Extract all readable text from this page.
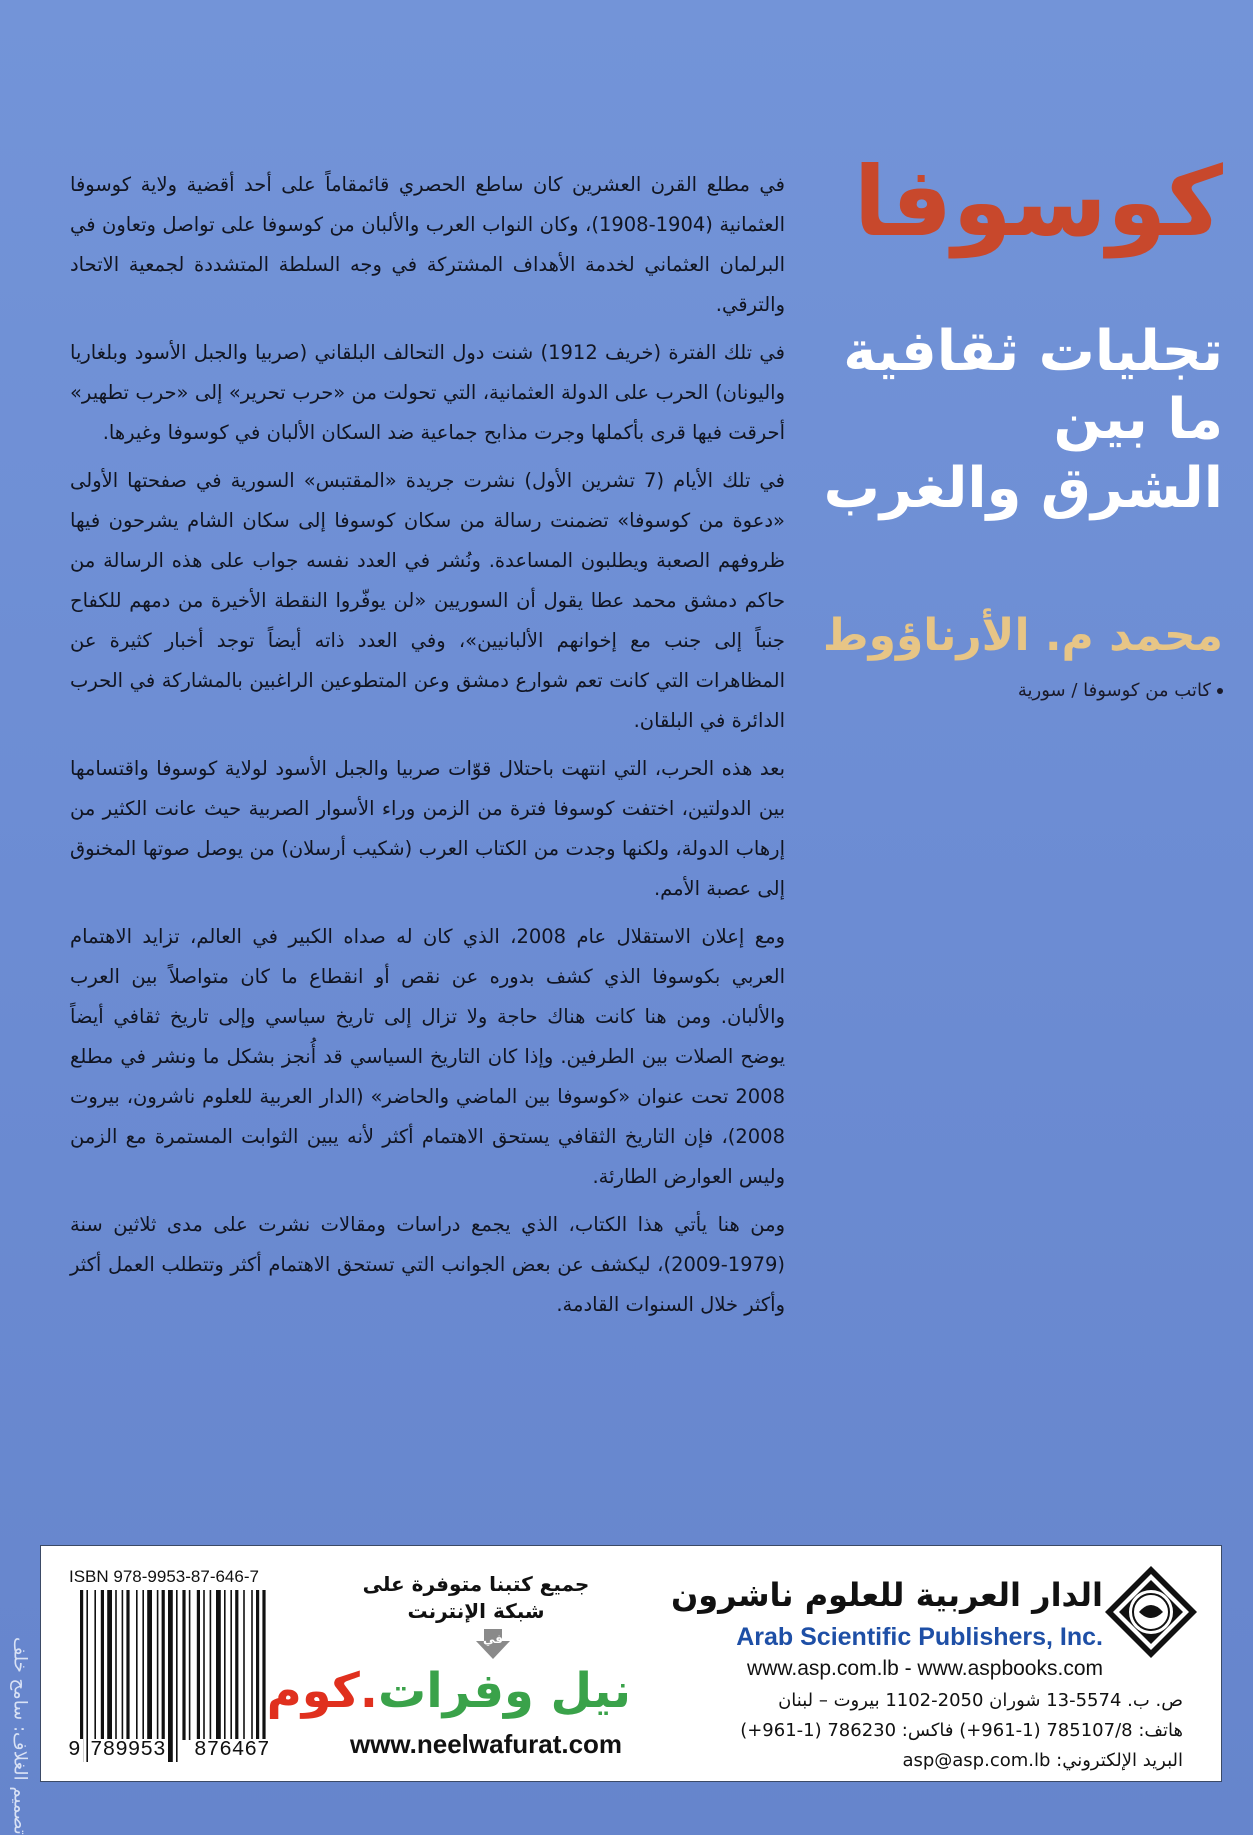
كوسوفا
تجليات ثقافية
ما بين
الشرق والغرب
محمد م. الأرناؤوط
كاتب من كوسوفا / سورية

في مطلع القرن العشرين كان ساطع الحصري قائمقاماً على أحد أقضية ولاية كوسوفا العثمانية (1904-1908)، وكان النواب العرب والألبان من كوسوفا على تواصل وتعاون في البرلمان العثماني لخدمة الأهداف المشتركة في وجه السلطة المتشددة لجمعية الاتحاد والترقي.

في تلك الفترة (خريف 1912) شنت دول التحالف البلقاني (صربيا والجبل الأسود وبلغاريا واليونان) الحرب على الدولة العثمانية، التي تحولت من «حرب تحرير» إلى «حرب تطهير» أحرقت فيها قرى بأكملها وجرت مذابح جماعية ضد السكان الألبان في كوسوفا وغيرها.

في تلك الأيام (7 تشرين الأول) نشرت جريدة «المقتبس» السورية في صفحتها الأولى «دعوة من كوسوفا» تضمنت رسالة من سكان كوسوفا إلى سكان الشام يشرحون فيها ظروفهم الصعبة ويطلبون المساعدة. ونُشر في العدد نفسه جواب على هذه الرسالة من حاكم دمشق محمد عطا يقول أن السوريين «لن يوفّروا النقطة الأخيرة من دمهم للكفاح جنباً إلى جنب مع إخوانهم الألبانيين»، وفي العدد ذاته أيضاً توجد أخبار كثيرة عن المظاهرات التي كانت تعم شوارع دمشق وعن المتطوعين الراغبين بالمشاركة في الحرب الدائرة في البلقان.

بعد هذه الحرب، التي انتهت باحتلال قوّات صربيا والجبل الأسود لولاية كوسوفا واقتسامها بين الدولتين، اختفت كوسوفا فترة من الزمن وراء الأسوار الصربية حيث عانت الكثير من إرهاب الدولة، ولكنها وجدت من الكتاب العرب (شكيب أرسلان) من يوصل صوتها المخنوق إلى عصبة الأمم.

ومع إعلان الاستقلال عام 2008، الذي كان له صداه الكبير في العالم، تزايد الاهتمام العربي بكوسوفا الذي كشف بدوره عن نقص أو انقطاع ما كان متواصلاً بين العرب والألبان. ومن هنا كانت هناك حاجة ولا تزال إلى تاريخ سياسي وإلى تاريخ ثقافي أيضاً يوضح الصلات بين الطرفين. وإذا كان التاريخ السياسي قد أُنجز بشكل ما ونشر في مطلع 2008 تحت عنوان «كوسوفا بين الماضي والحاضر» (الدار العربية للعلوم ناشرون، بيروت 2008)، فإن التاريخ الثقافي يستحق الاهتمام أكثر لأنه يبين الثوابت المستمرة مع الزمن وليس العوارض الطارئة.

ومن هنا يأتي هذا الكتاب، الذي يجمع دراسات ومقالات نشرت على مدى ثلاثين سنة (1979-2009)، ليكشف عن بعض الجوانب التي تستحق الاهتمام أكثر وتتطلب العمل أكثر وأكثر خلال السنوات القادمة.

تصميم الغلاف: سامح خلف
الدار العربية للعلوم ناشرون
Arab Scientific Publishers, Inc.
www.asp.com.lb - www.aspbooks.com
ص. ب. 5574-13 شوران 2050-1102 بيروت – لبنان
هاتف: 785107/8 (1-961+) فاكس: 786230 (1-961+)
البريد الإلكتروني: asp@asp.com.lb
جميع كتبنا متوفرة على
شبكة الإنترنت
في
نيل وفرات.كوم
www.neelwafurat.com
ISBN 978-9953-87-646-7
9 789953 876467
